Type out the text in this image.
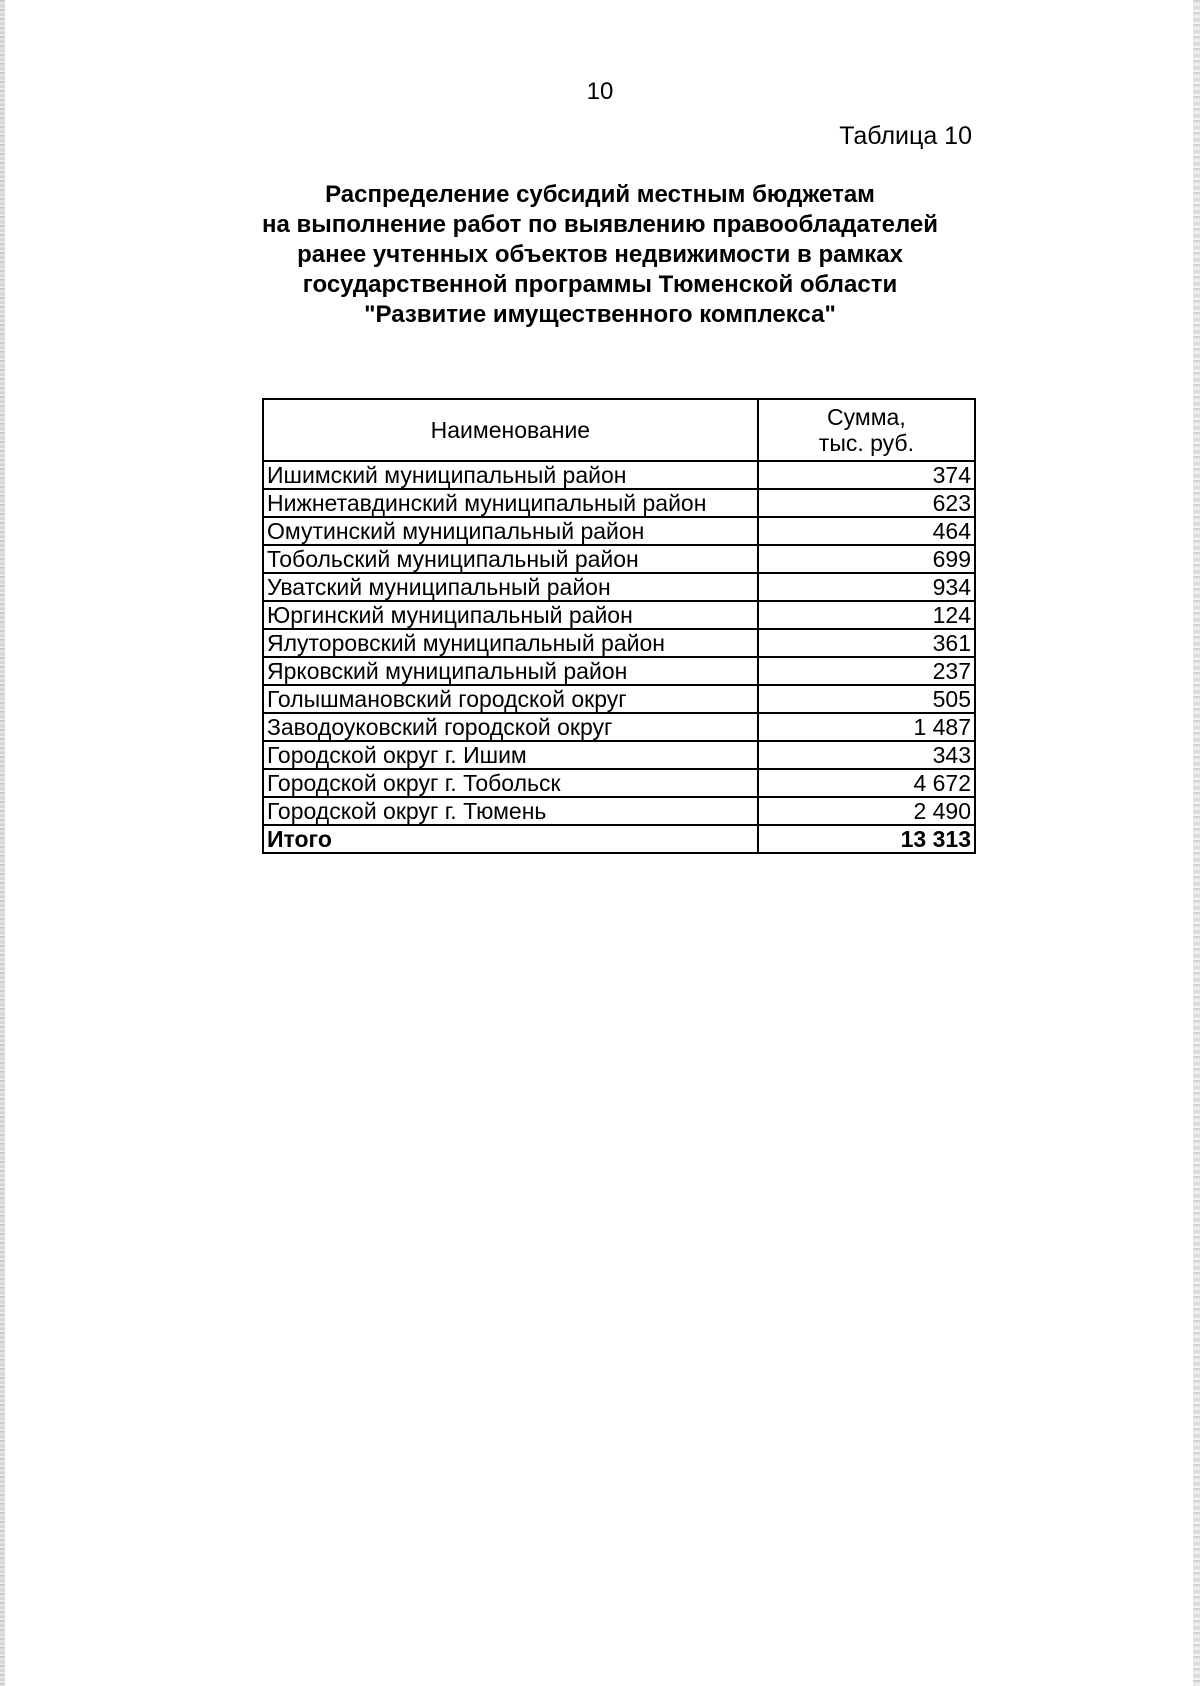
10
Таблица 10
Распределение субсидий местным бюджетам
на выполнение работ по выявлению правообладателей
ранее учтенных объектов недвижимости в рамках
государственной программы Тюменской области
"Развитие имущественного комплекса"
Наименование	Сумма,
тыс. руб.
Ишимский муниципальный район	374
Нижнетавдинский муниципальный район	623
Омутинский муниципальный район	464
Тобольский муниципальный район	699
Уватский муниципальный район	934
Юргинский муниципальный район	124
Ялуторовский муниципальный район	361
Ярковский муниципальный район	237
Голышмановский городской округ	505
Заводоуковский городской округ	1 487
Городской округ г. Ишим	343
Городской округ г. Тобольск	4 672
Городской округ г. Тюмень	2 490
Итого	13 313
